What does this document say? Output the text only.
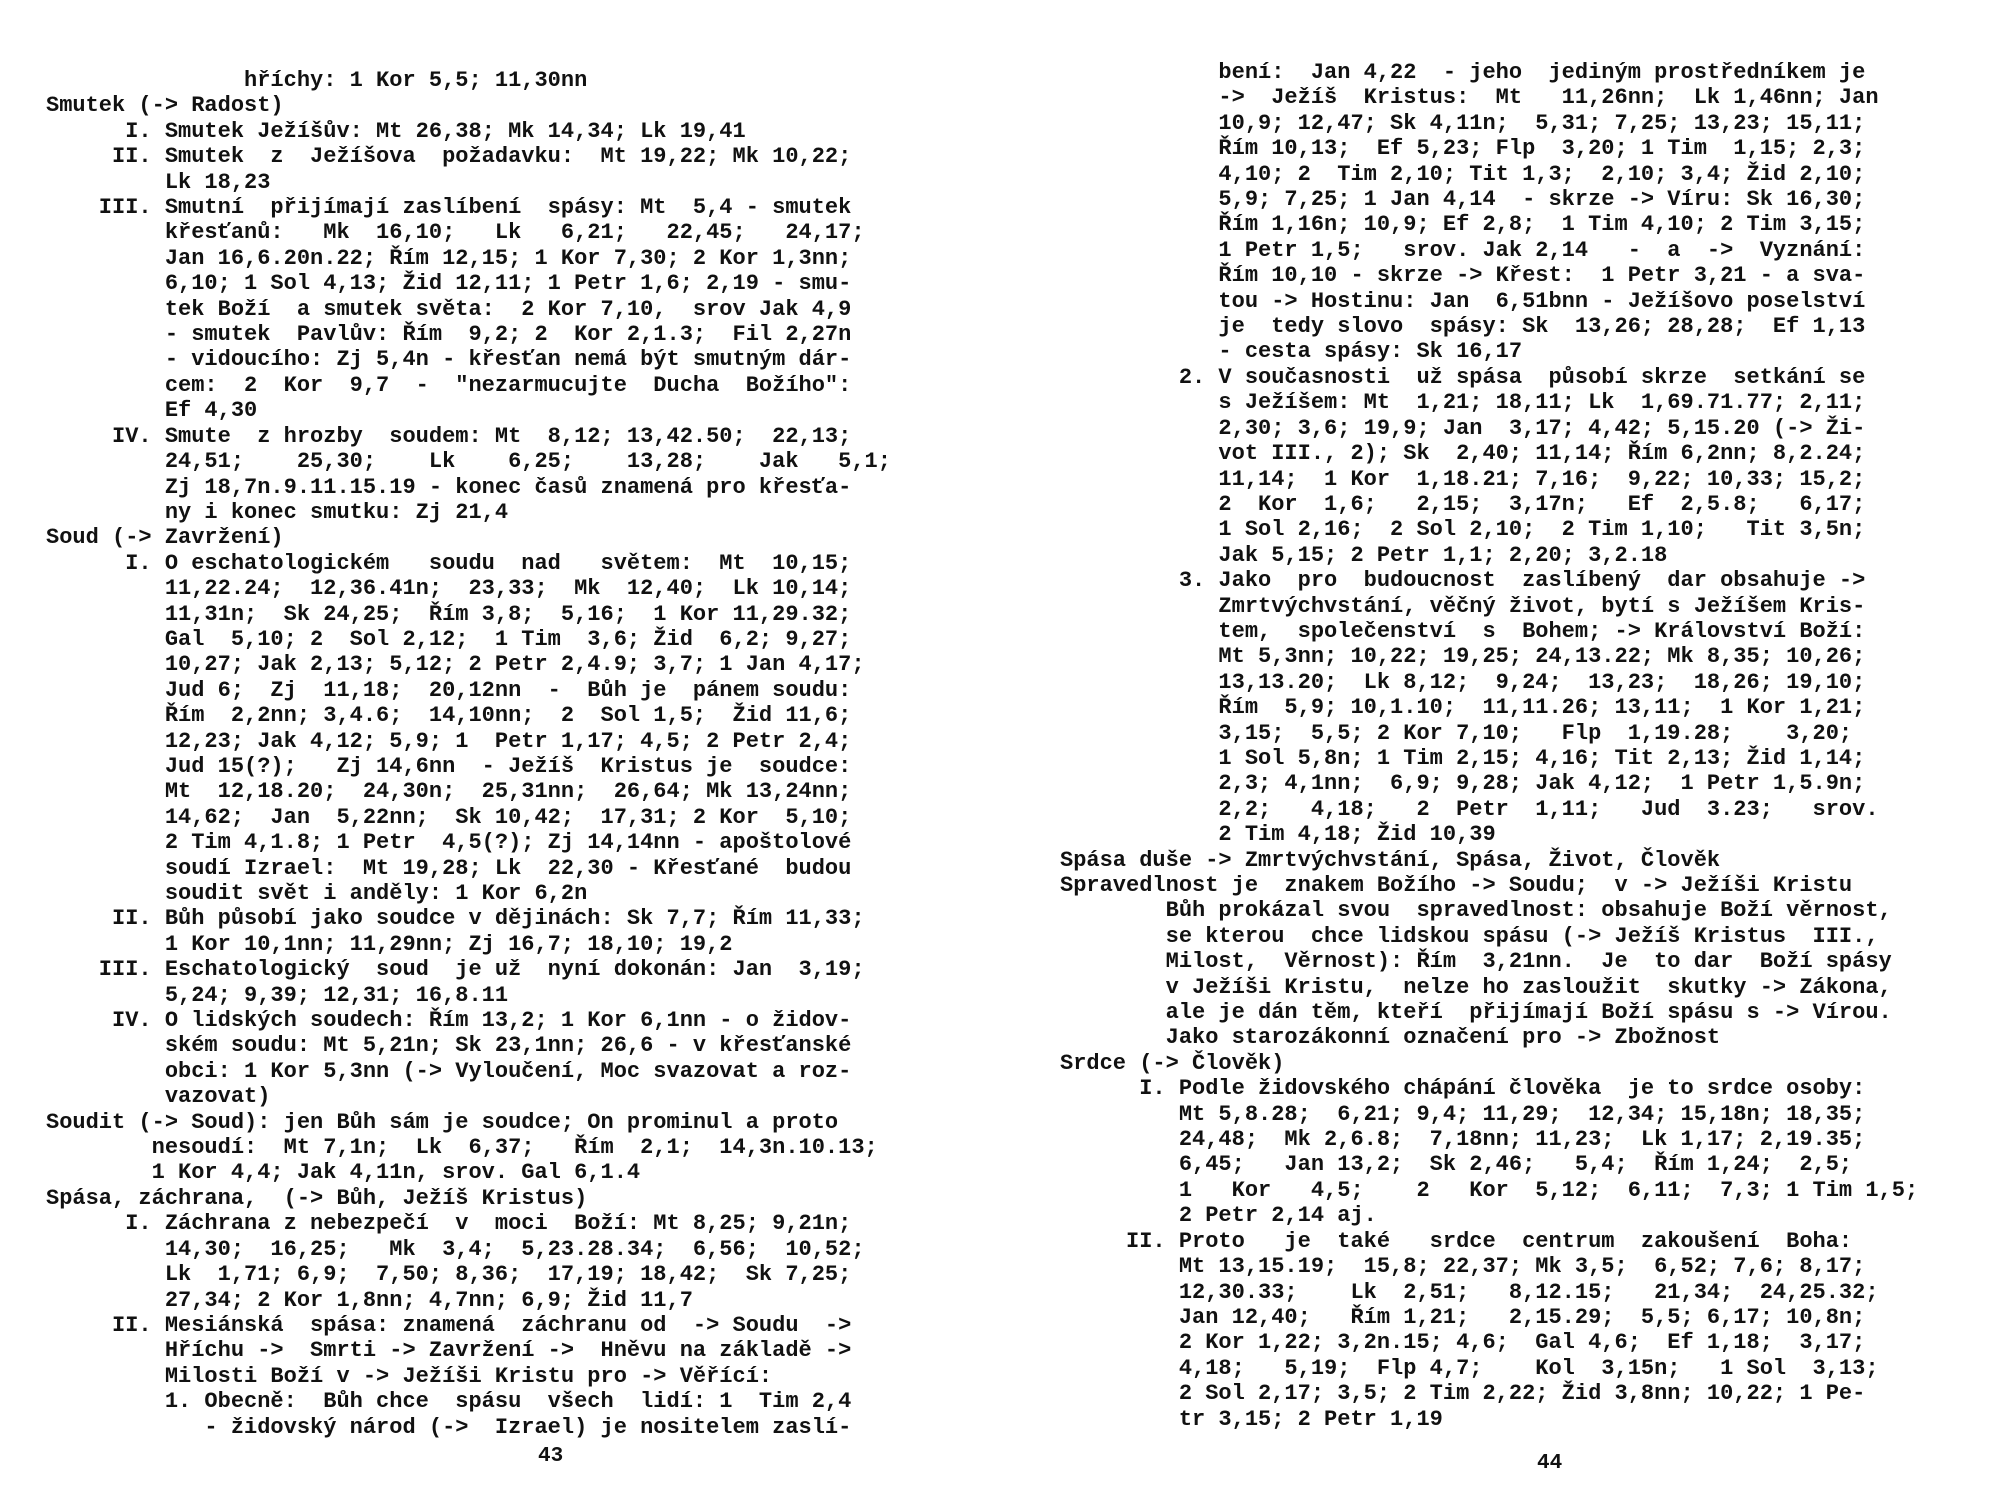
hříchy: 1 Kor 5,5; 11,30nn
Smutek (-> Radost)
I. Smutek Ježíšův: Mt 26,38; Mk 14,34; Lk 19,41
II. Smutek  z  Ježíšova  požadavku:  Mt 19,22; Mk 10,22;
Lk 18,23
III. Smutní  přijímají zaslíbení  spásy: Mt  5,4 - smutek
křesťanů:   Mk  16,10;   Lk   6,21;   22,45;   24,17;
Jan 16,6.20n.22; Řím 12,15; 1 Kor 7,30; 2 Kor 1,3nn;
6,10; 1 Sol 4,13; Žid 12,11; 1 Petr 1,6; 2,19 - smu-
tek Boží  a smutek světa:  2 Kor 7,10,  srov Jak 4,9
- smutek  Pavlův: Řím  9,2; 2  Kor 2,1.3;  Fil 2,27n
- vidoucího: Zj 5,4n - křesťan nemá být smutným dár-
cem:  2  Kor  9,7  -  "nezarmucujte  Ducha  Božího":
Ef 4,30
IV. Smute  z hrozby  soudem: Mt  8,12; 13,42.50;  22,13;
24,51;    25,30;    Lk    6,25;    13,28;    Jak   5,1;
Zj 18,7n.9.11.15.19 - konec časů znamená pro křesťa-
ny i konec smutku: Zj 21,4
Soud (-> Zavržení)
I. O eschatologickém   soudu  nad   světem:  Mt  10,15;
11,22.24;  12,36.41n;  23,33;  Mk  12,40;  Lk 10,14;
11,31n;  Sk 24,25;  Řím 3,8;  5,16;  1 Kor 11,29.32;
Gal  5,10; 2  Sol 2,12;  1 Tim  3,6; Žid  6,2; 9,27;
10,27; Jak 2,13; 5,12; 2 Petr 2,4.9; 3,7; 1 Jan 4,17;
Jud 6;  Zj  11,18;  20,12nn  -  Bůh je  pánem soudu:
Řím  2,2nn; 3,4.6;  14,10nn;  2  Sol 1,5;  Žid 11,6;
12,23; Jak 4,12; 5,9; 1  Petr 1,17; 4,5; 2 Petr 2,4;
Jud 15(?);   Zj 14,6nn  - Ježíš  Kristus je  soudce:
Mt  12,18.20;  24,30n;  25,31nn;  26,64; Mk 13,24nn;
14,62;  Jan  5,22nn;  Sk 10,42;  17,31; 2 Kor  5,10;
2 Tim 4,1.8; 1 Petr  4,5(?); Zj 14,14nn - apoštolové
soudí Izrael:  Mt 19,28; Lk  22,30 - Křesťané  budou
soudit svět i anděly: 1 Kor 6,2n
II. Bůh působí jako soudce v dějinách: Sk 7,7; Řím 11,33;
1 Kor 10,1nn; 11,29nn; Zj 16,7; 18,10; 19,2
III. Eschatologický  soud  je už  nyní dokonán: Jan  3,19;
5,24; 9,39; 12,31; 16,8.11
IV. O lidských soudech: Řím 13,2; 1 Kor 6,1nn - o židov-
ském soudu: Mt 5,21n; Sk 23,1nn; 26,6 - v křesťanské
obci: 1 Kor 5,3nn (-> Vyloučení, Moc svazovat a roz-
vazovat)
Soudit (-> Soud): jen Bůh sám je soudce; On prominul a proto
nesoudí:  Mt 7,1n;  Lk  6,37;   Řím  2,1;  14,3n.10.13;
1 Kor 4,4; Jak 4,11n, srov. Gal 6,1.4
Spása, záchrana,  (-> Bůh, Ježíš Kristus)
I. Záchrana z nebezpečí  v  moci  Boží: Mt 8,25; 9,21n;
14,30;  16,25;   Mk  3,4;  5,23.28.34;  6,56;  10,52;
Lk  1,71; 6,9;  7,50; 8,36;  17,19; 18,42;  Sk 7,25;
27,34; 2 Kor 1,8nn; 4,7nn; 6,9; Žid 11,7
II. Mesiánská  spása: znamená  záchranu od  -> Soudu  ->
Hříchu ->  Smrti -> Zavržení ->  Hněvu na základě ->
Milosti Boží v -> Ježíši Kristu pro -> Věřící:
1. Obecně:  Bůh chce  spásu  všech  lidí: 1  Tim 2,4
- židovský národ (->  Izrael) je nositelem zaslí-
43
bení:  Jan 4,22  - jeho  jediným prostředníkem je
->  Ježíš  Kristus:  Mt   11,26nn;  Lk 1,46nn; Jan
10,9; 12,47; Sk 4,11n;  5,31; 7,25; 13,23; 15,11;
Řím 10,13;  Ef 5,23; Flp  3,20; 1 Tim  1,15; 2,3;
4,10; 2  Tim 2,10; Tit 1,3;  2,10; 3,4; Žid 2,10;
5,9; 7,25; 1 Jan 4,14  - skrze -> Víru: Sk 16,30;
Řím 1,16n; 10,9; Ef 2,8;  1 Tim 4,10; 2 Tim 3,15;
1 Petr 1,5;   srov. Jak 2,14   -  a  ->  Vyznání:
Řím 10,10 - skrze -> Křest:  1 Petr 3,21 - a sva-
tou -> Hostinu: Jan  6,51bnn - Ježíšovo poselství
je  tedy slovo  spásy: Sk  13,26; 28,28;  Ef 1,13
- cesta spásy: Sk 16,17
2. V současnosti  už spása  působí skrze  setkání se
s Ježíšem: Mt  1,21; 18,11; Lk  1,69.71.77; 2,11;
2,30; 3,6; 19,9; Jan  3,17; 4,42; 5,15.20 (-> Ži-
vot III., 2); Sk  2,40; 11,14; Řím 6,2nn; 8,2.24;
11,14;  1 Kor  1,18.21; 7,16;  9,22; 10,33; 15,2;
2  Kor  1,6;   2,15;  3,17n;   Ef  2,5.8;   6,17;
1 Sol 2,16;  2 Sol 2,10;  2 Tim 1,10;   Tit 3,5n;
Jak 5,15; 2 Petr 1,1; 2,20; 3,2.18
3. Jako  pro  budoucnost  zaslíbený  dar obsahuje ->
Zmrtvýchvstání, věčný život, bytí s Ježíšem Kris-
tem,  společenství  s  Bohem; -> Království Boží:
Mt 5,3nn; 10,22; 19,25; 24,13.22; Mk 8,35; 10,26;
13,13.20;  Lk 8,12;  9,24;  13,23;  18,26; 19,10;
Řím  5,9; 10,1.10;  11,11.26; 13,11;  1 Kor 1,21;
3,15;  5,5; 2 Kor 7,10;   Flp  1,19.28;    3,20;
1 Sol 5,8n; 1 Tim 2,15; 4,16; Tit 2,13; Žid 1,14;
2,3; 4,1nn;  6,9; 9,28; Jak 4,12;  1 Petr 1,5.9n;
2,2;   4,18;   2  Petr  1,11;   Jud  3.23;   srov.
2 Tim 4,18; Žid 10,39
Spása duše -> Zmrtvýchvstání, Spása, Život, Člověk
Spravedlnost je  znakem Božího -> Soudu;  v -> Ježíši Kristu
Bůh prokázal svou  spravedlnost: obsahuje Boží věrnost,
se kterou  chce lidskou spásu (-> Ježíš Kristus  III.,
Milost,  Věrnost): Řím  3,21nn.  Je  to dar  Boží spásy
v Ježíši Kristu,  nelze ho zasloužit  skutky -> Zákona,
ale je dán těm, kteří  přijímají Boží spásu s -> Vírou.
Jako starozákonní označení pro -> Zbožnost
Srdce (-> Člověk)
I. Podle židovského chápání člověka  je to srdce osoby:
Mt 5,8.28;  6,21; 9,4; 11,29;  12,34; 15,18n; 18,35;
24,48;  Mk 2,6.8;  7,18nn; 11,23;  Lk 1,17; 2,19.35;
6,45;   Jan 13,2;  Sk 2,46;   5,4;  Řím 1,24;  2,5;
1   Kor   4,5;    2   Kor  5,12;  6,11;  7,3; 1 Tim 1,5;
2 Petr 2,14 aj.
II. Proto   je  také   srdce  centrum  zakoušení  Boha:
Mt 13,15.19;  15,8; 22,37; Mk 3,5;  6,52; 7,6; 8,17;
12,30.33;    Lk  2,51;   8,12.15;   21,34;  24,25.32;
Jan 12,40;   Řím 1,21;   2,15.29;  5,5; 6,17; 10,8n;
2 Kor 1,22; 3,2n.15; 4,6;  Gal 4,6;  Ef 1,18;  3,17;
4,18;   5,19;  Flp 4,7;    Kol  3,15n;   1 Sol  3,13;
2 Sol 2,17; 3,5; 2 Tim 2,22; Žid 3,8nn; 10,22; 1 Pe-
tr 3,15; 2 Petr 1,19
44
